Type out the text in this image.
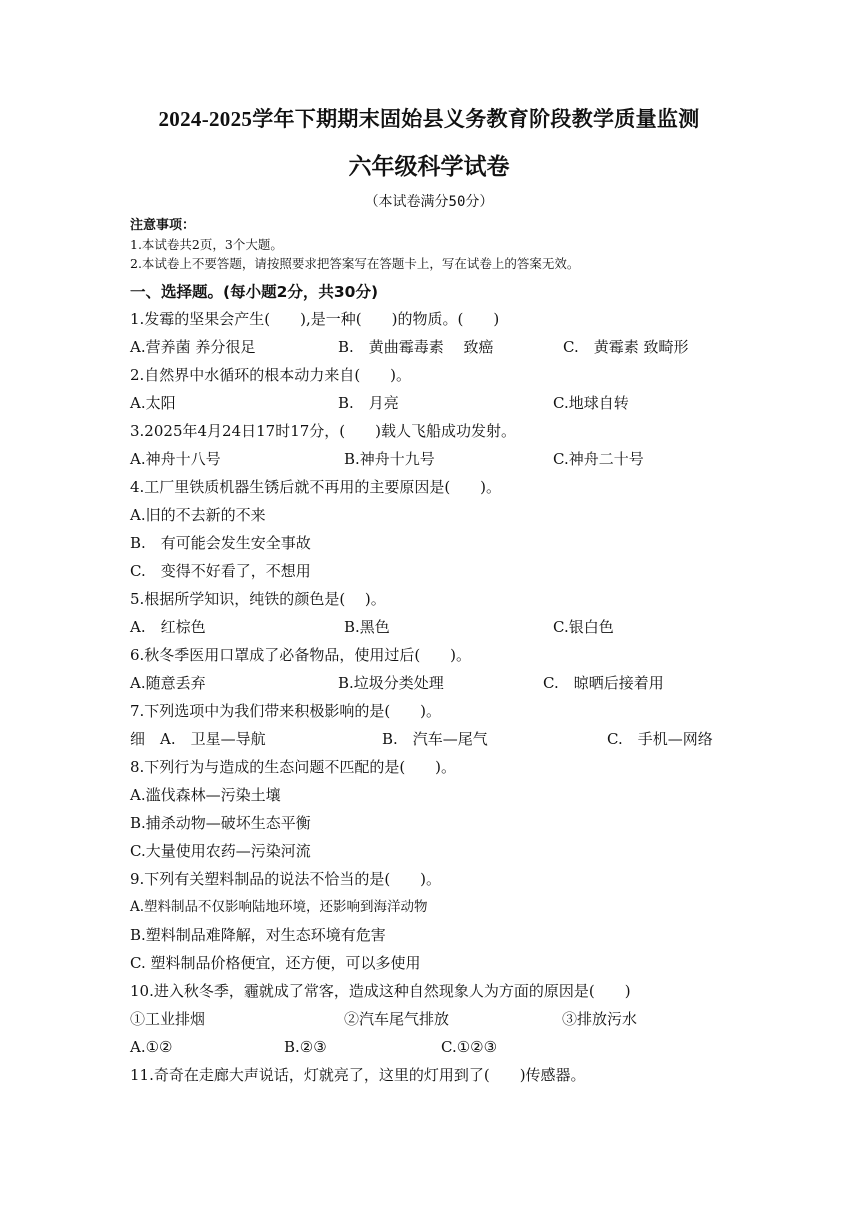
2024-2025学年下期期末固始县义务教育阶段教学质量监测
六年级科学试卷
（本试卷满分50分）
注意事项：
1.本试卷共2页，3个大题。
2.本试卷上不要答题，请按照要求把答案写在答题卡上，写在试卷上的答案无效。
一、选择题。(每小题2分，共30分)
1.发霉的坚果会产生(　　),是一种(　　)的物质。(　　)
A.营养菌 养分很足	B.　黄曲霉毒素　 致癌	C.　黄霉素 致畸形
2.自然界中水循环的根本动力来自(　　)。
A.太阳	B.　月亮	C.地球自转
3.2025年4月24日17时17分，(　　)载人飞船成功发射。
A.神舟十八号	B.神舟十九号	C.神舟二十号
4.工厂里铁质机器生锈后就不再用的主要原因是(　　)。
A.旧的不去新的不来
B.　有可能会发生安全事故
C.　变得不好看了，不想用
5.根据所学知识，纯铁的颜色是(　 )。
A.　红棕色	B.黑色	C.银白色
6.秋冬季医用口罩成了必备物品，使用过后(　　)。
A.随意丢弃	B.垃圾分类处理	C.　晾晒后接着用
7.下列选项中为我们带来积极影响的是(　　)。
细 A.　卫星—导航	B.　汽车—尾气	C.　手机—网络
8.下列行为与造成的生态问题不匹配的是(　　)。
A.滥伐森林—污染土壤
B.捕杀动物—破坏生态平衡
C.大量使用农药—污染河流
9.下列有关塑料制品的说法不恰当的是(　　)。
A.塑料制品不仅影响陆地环境，还影响到海洋动物
B.塑料制品难降解，对生态环境有危害
C. 塑料制品价格便宜，还方便，可以多使用
10.进入秋冬季，霾就成了常客，造成这种自然现象人为方面的原因是(　　)
①工业排烟	②汽车尾气排放	③排放污水
A.①②	B.②③	C.①②③
11.奇奇在走廊大声说话，灯就亮了，这里的灯用到了(　　)传感器。
